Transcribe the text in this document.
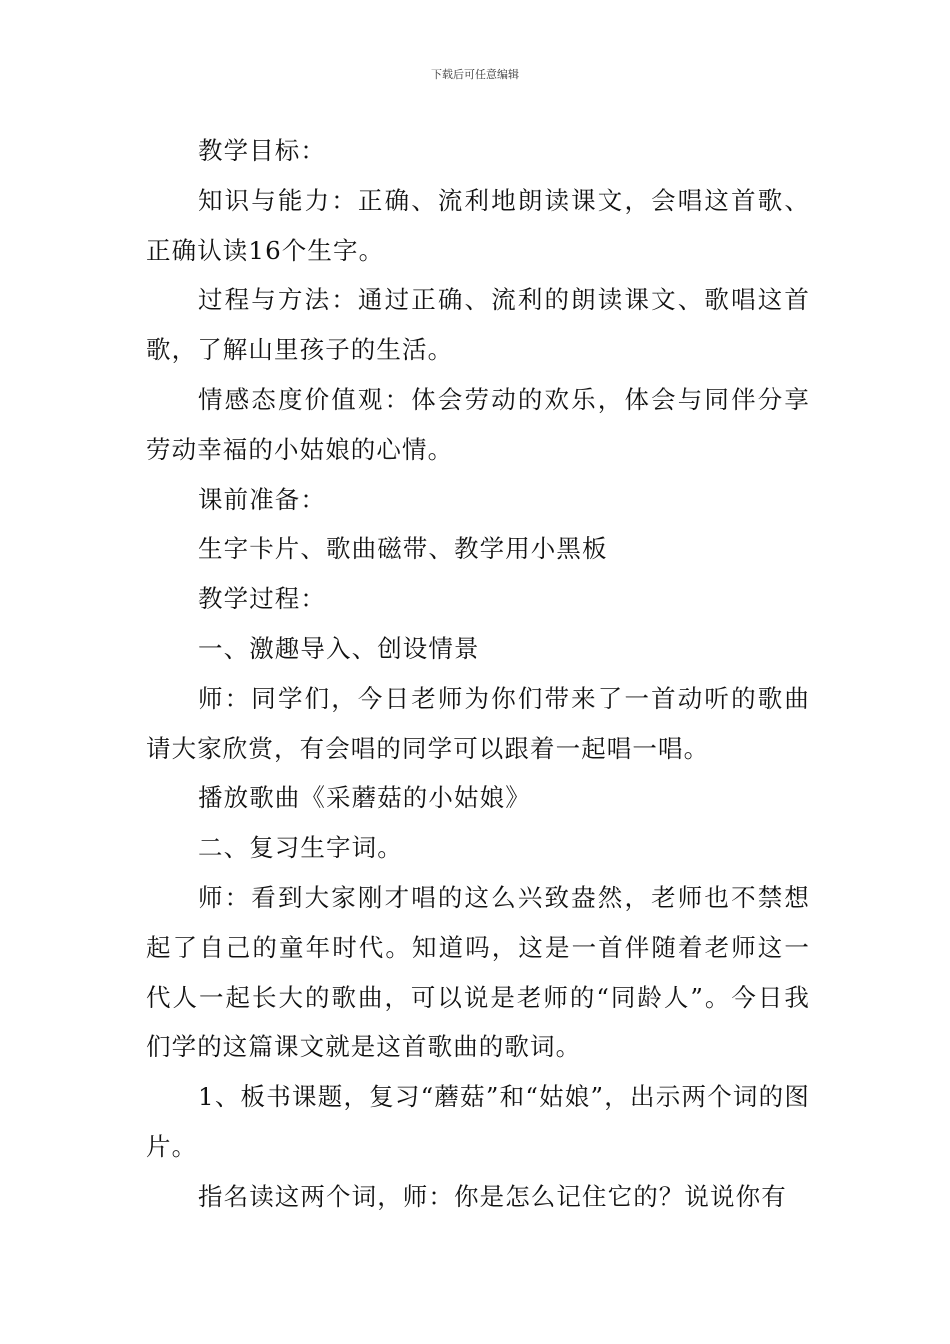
下载后可任意编辑

教学目标：

知识与能力：正确、流利地朗读课文，会唱这首歌、正确认读16个生字。

过程与方法：通过正确、流利的朗读课文、歌唱这首歌，了解山里孩子的生活。

情感态度价值观：体会劳动的欢乐，体会与同伴分享劳动幸福的小姑娘的心情。

课前准备：

生字卡片、歌曲磁带、教学用小黑板

教学过程：

一、激趣导入、创设情景

师：同学们，今日老师为你们带来了一首动听的歌曲请大家欣赏，有会唱的同学可以跟着一起唱一唱。

播放歌曲《采蘑菇的小姑娘》

二、复习生字词。

师：看到大家刚才唱的这么兴致盎然，老师也不禁想起了自己的童年时代。知道吗，这是一首伴随着老师这一代人一起长大的歌曲，可以说是老师的“同龄人”。今日我们学的这篇课文就是这首歌曲的歌词。

1、板书课题，复习“蘑菇”和“姑娘”，出示两个词的图片。

指名读这两个词，师：你是怎么记住它的？说说你有
